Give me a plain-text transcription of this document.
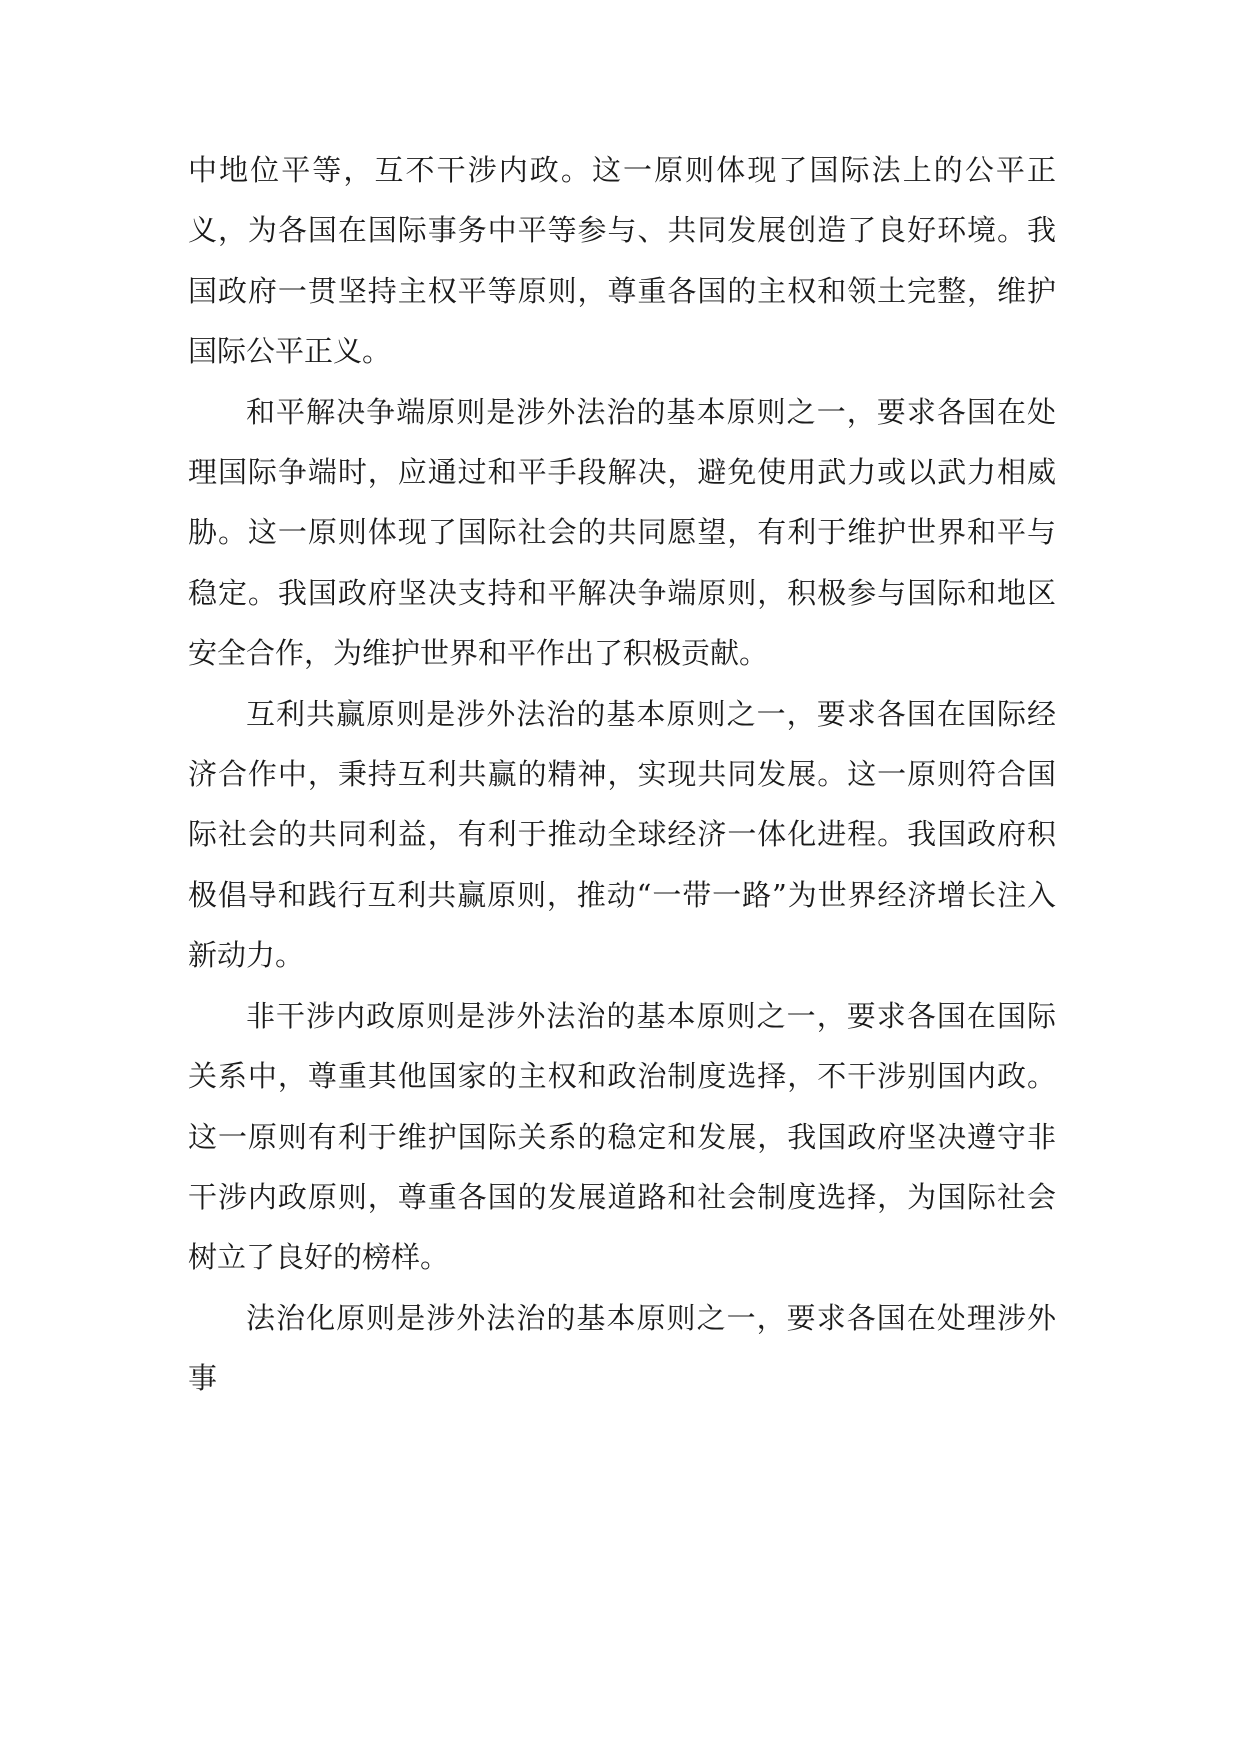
中地位平等，互不干涉内政。这一原则体现了国际法上的公平正义，为各国在国际事务中平等参与、共同发展创造了良好环境。我国政府一贯坚持主权平等原则，尊重各国的主权和领土完整，维护国际公平正义。

和平解决争端原则是涉外法治的基本原则之一，要求各国在处理国际争端时，应通过和平手段解决，避免使用武力或以武力相威胁。这一原则体现了国际社会的共同愿望，有利于维护世界和平与稳定。我国政府坚决支持和平解决争端原则，积极参与国际和地区安全合作，为维护世界和平作出了积极贡献。

互利共赢原则是涉外法治的基本原则之一，要求各国在国际经济合作中，秉持互利共赢的精神，实现共同发展。这一原则符合国际社会的共同利益，有利于推动全球经济一体化进程。我国政府积极倡导和践行互利共赢原则，推动“一带一路”为世界经济增长注入新动力。

非干涉内政原则是涉外法治的基本原则之一，要求各国在国际关系中，尊重其他国家的主权和政治制度选择，不干涉别国内政。这一原则有利于维护国际关系的稳定和发展，我国政府坚决遵守非干涉内政原则，尊重各国的发展道路和社会制度选择，为国际社会树立了良好的榜样。

法治化原则是涉外法治的基本原则之一，要求各国在处理涉外事
